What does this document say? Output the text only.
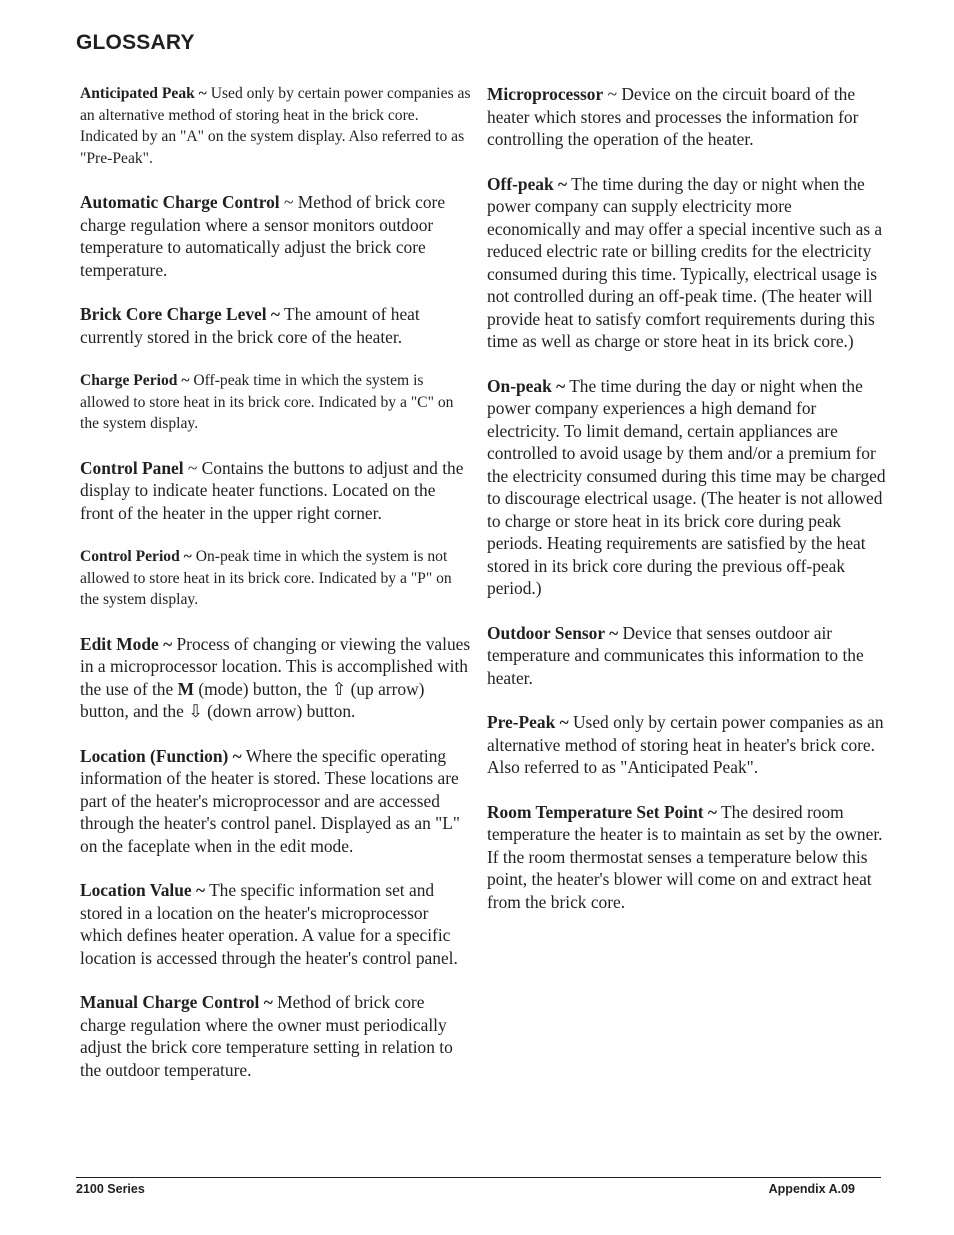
GLOSSARY

Anticipated Peak ~ Used only by certain power companies as an alternative method of storing heat in the brick core. Indicated by an "A" on the system display. Also referred to as "Pre-Peak".

Automatic Charge Control ~ Method of brick core charge regulation where a sensor monitors outdoor temperature to automatically adjust the brick core temperature.

Brick Core Charge Level ~ The amount of heat currently stored in the brick core of the heater.

Charge Period ~ Off-peak time in which the system is allowed to store heat in its brick core. Indicated by a "C" on the system display.

Control Panel ~ Contains the buttons to adjust and the display to indicate heater functions. Located on the front of the heater in the upper right corner.

Control Period ~ On-peak time in which the system is not allowed to store heat in its brick core. Indicated by a "P" on the system display.

Edit Mode ~ Process of changing or viewing the values in a microprocessor location. This is accomplished with the use of the M (mode) button, the ⇧ (up arrow) button, and the ⇩ (down arrow) button.

Location (Function) ~ Where the specific operating information of the heater is stored. These locations are part of the heater's microprocessor and are accessed through the heater's control panel. Displayed as an "L" on the faceplate when in the edit mode.

Location Value ~ The specific information set and stored in a location on the heater's microprocessor which defines heater operation. A value for a specific location is accessed through the heater's control panel.

Manual Charge Control ~ Method of brick core charge regulation where the owner must periodically adjust the brick core temperature setting in relation to the outdoor temperature.

Microprocessor ~ Device on the circuit board of the heater which stores and processes the information for controlling the operation of the heater.

Off-peak ~ The time during the day or night when the power company can supply electricity more economically and may offer a special incentive such as a reduced electric rate or billing credits for the electricity consumed during this time. Typically, electrical usage is not controlled during an off-peak time. (The heater will provide heat to satisfy comfort requirements during this time as well as charge or store heat in its brick core.)

On-peak ~ The time during the day or night when the power company experiences a high demand for electricity. To limit demand, certain appliances are controlled to avoid usage by them and/or a premium for the electricity consumed during this time may be charged to discourage electrical usage. (The heater is not allowed to charge or store heat in its brick core during peak periods. Heating requirements are satisfied by the heat stored in its brick core during the previous off-peak period.)

Outdoor Sensor ~ Device that senses outdoor air temperature and communicates this information to the heater.

Pre-Peak ~ Used only by certain power companies as an alternative method of storing heat in heater's brick core. Also referred to as "Anticipated Peak".

Room Temperature Set Point ~ The desired room temperature the heater is to maintain as set by the owner. If the room thermostat senses a temperature below this point, the heater's blower will come on and extract heat from the brick core.

2100 Series	Appendix A.09
